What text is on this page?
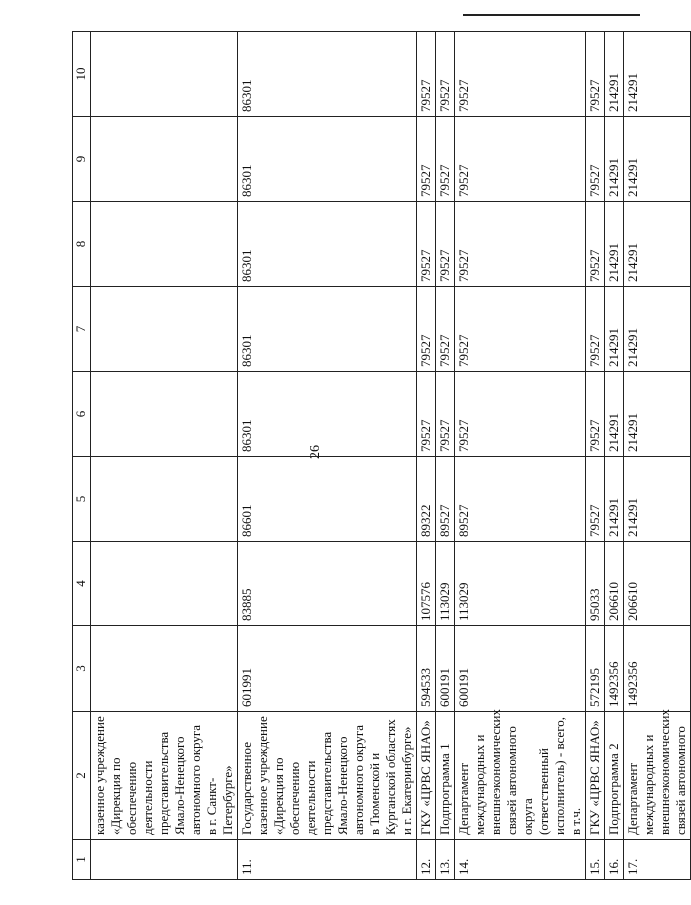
26
1	2	3	4	5	6	7	8	9	10
	казенное учреждение «Дирекция по обеспечению деятельности представительства Ямало-Ненецкого автономного округа в г. Санкт-Петербурге»								
11.	Государственное казенное учреждение «Дирекция по обеспечению деятельности представительства Ямало-Ненецкого автономного округа в Тюменской и Курганской областях и г. Екатеринбурге»	601991	83885	86601	86301	86301	86301	86301	86301
12.	ГКУ «ЦРВС ЯНАО»	594533	107576	89322	79527	79527	79527	79527	79527
13.	Подпрограмма 1	600191	113029	89527	79527	79527	79527	79527	79527
14.	Департамент международных и внешнеэкономических связей автономного округа (ответственный исполнитель) - всего, в т.ч.	600191	113029	89527	79527	79527	79527	79527	79527
15.	ГКУ «ЦРВС ЯНАО»	572195	95033	79527	79527	79527	79527	79527	79527
16.	Подпрограмма 2	1492356	206610	214291	214291	214291	214291	214291	214291
17.	Департамент международных и внешнеэкономических связей автономного	1492356	206610	214291	214291	214291	214291	214291	214291
